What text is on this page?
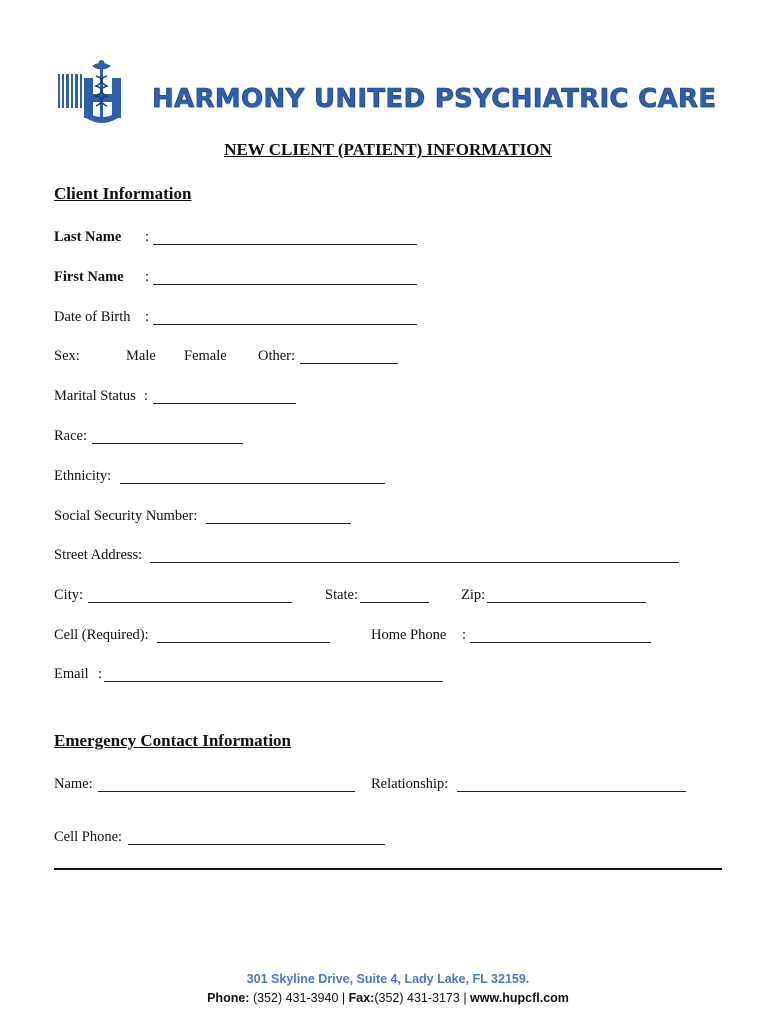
HARMONY UNITED PSYCHIATRIC CARE
NEW CLIENT (PATIENT) INFORMATION
Client Information
Last Name :
First Name :
Date of Birth :
Sex:	Male Female Other:
Marital Status :
Race:
Ethnicity:
Social Security Number:
Street Address:
City:	State:	Zip:
Cell (Required):	Home Phone :
Email :
Emergency Contact Information
Name:	Relationship:
Cell Phone:
301 Skyline Drive, Suite 4, Lady Lake, FL 32159.
Phone: (352) 431-3940 | Fax:(352) 431-3173 | www.hupcfl.com
